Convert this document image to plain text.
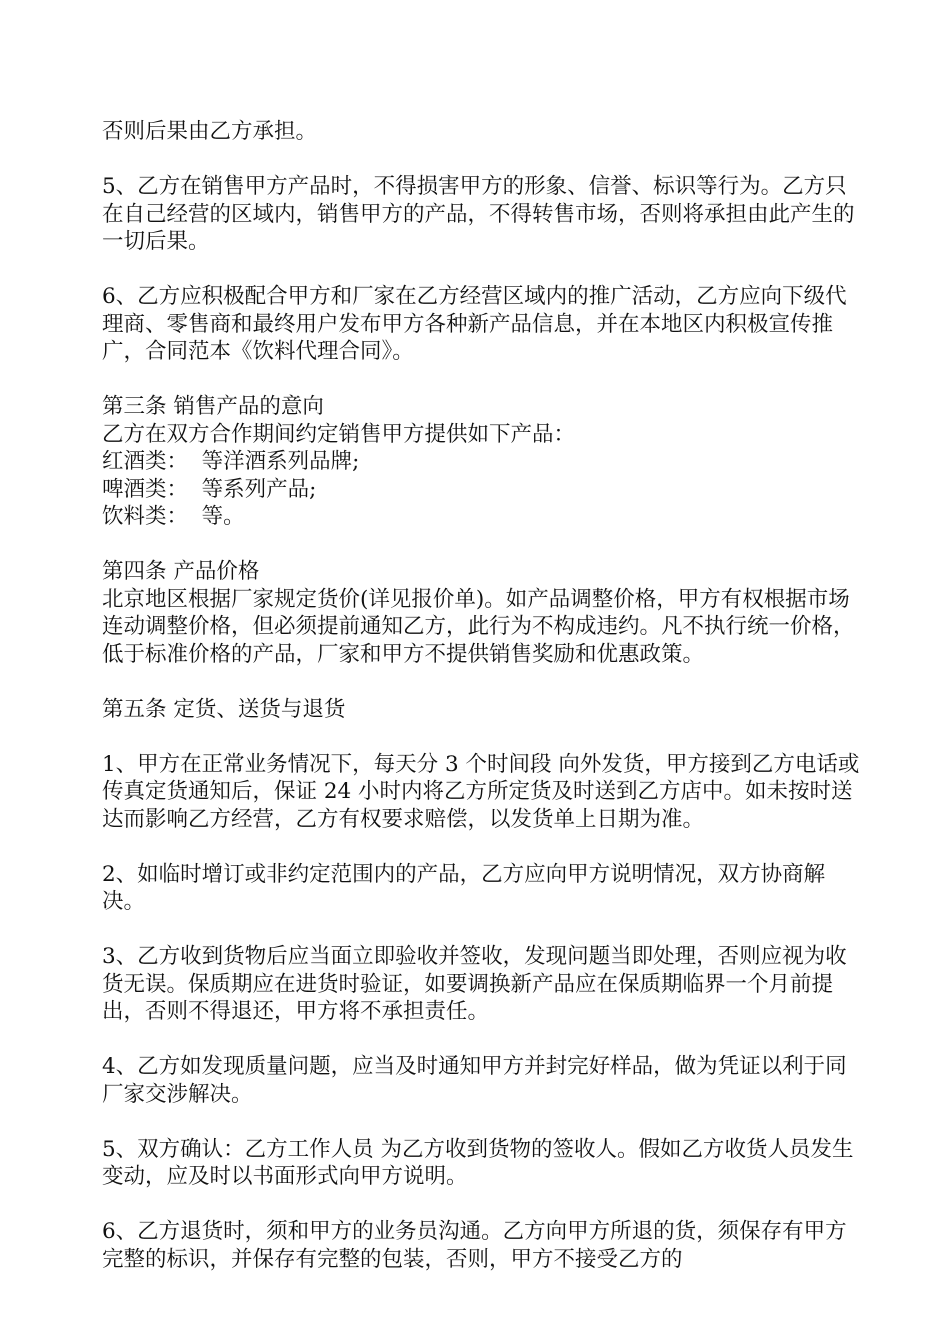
否则后果由乙方承担。

5、乙方在销售甲方产品时，不得损害甲方的形象、信誉、标识等行为。乙方只在自己经营的区域内，销售甲方的产品，不得转售市场，否则将承担由此产生的一切后果。

6、乙方应积极配合甲方和厂家在乙方经营区域内的推广活动，乙方应向下级代理商、零售商和最终用户发布甲方各种新产品信息，并在本地区内积极宣传推广，合同范本《饮料代理合同》。

第三条 销售产品的意向

乙方在双方合作期间约定销售甲方提供如下产品：

红酒类：  等洋酒系列品牌;

啤酒类：  等系列产品;

饮料类：  等。

第四条 产品价格

北京地区根据厂家规定货价(详见报价单)。如产品调整价格，甲方有权根据市场连动调整价格，但必须提前通知乙方，此行为不构成违约。凡不执行统一价格，低于标准价格的产品，厂家和甲方不提供销售奖励和优惠政策。

第五条 定货、送货与退货

1、甲方在正常业务情况下，每天分 3 个时间段 向外发货，甲方接到乙方电话或传真定货通知后，保证 24 小时内将乙方所定货及时送到乙方店中。如未按时送达而影响乙方经营，乙方有权要求赔偿，以发货单上日期为准。

2、如临时增订或非约定范围内的产品，乙方应向甲方说明情况，双方协商解决。

3、乙方收到货物后应当面立即验收并签收，发现问题当即处理，否则应视为收货无误。保质期应在进货时验证，如要调换新产品应在保质期临界一个月前提出，否则不得退还，甲方将不承担责任。

4、乙方如发现质量问题，应当及时通知甲方并封完好样品，做为凭证以利于同厂家交涉解决。

5、双方确认：乙方工作人员 为乙方收到货物的签收人。假如乙方收货人员发生变动，应及时以书面形式向甲方说明。

6、乙方退货时，须和甲方的业务员沟通。乙方向甲方所退的货，须保存有甲方完整的标识，并保存有完整的包装，否则，甲方不接受乙方的
